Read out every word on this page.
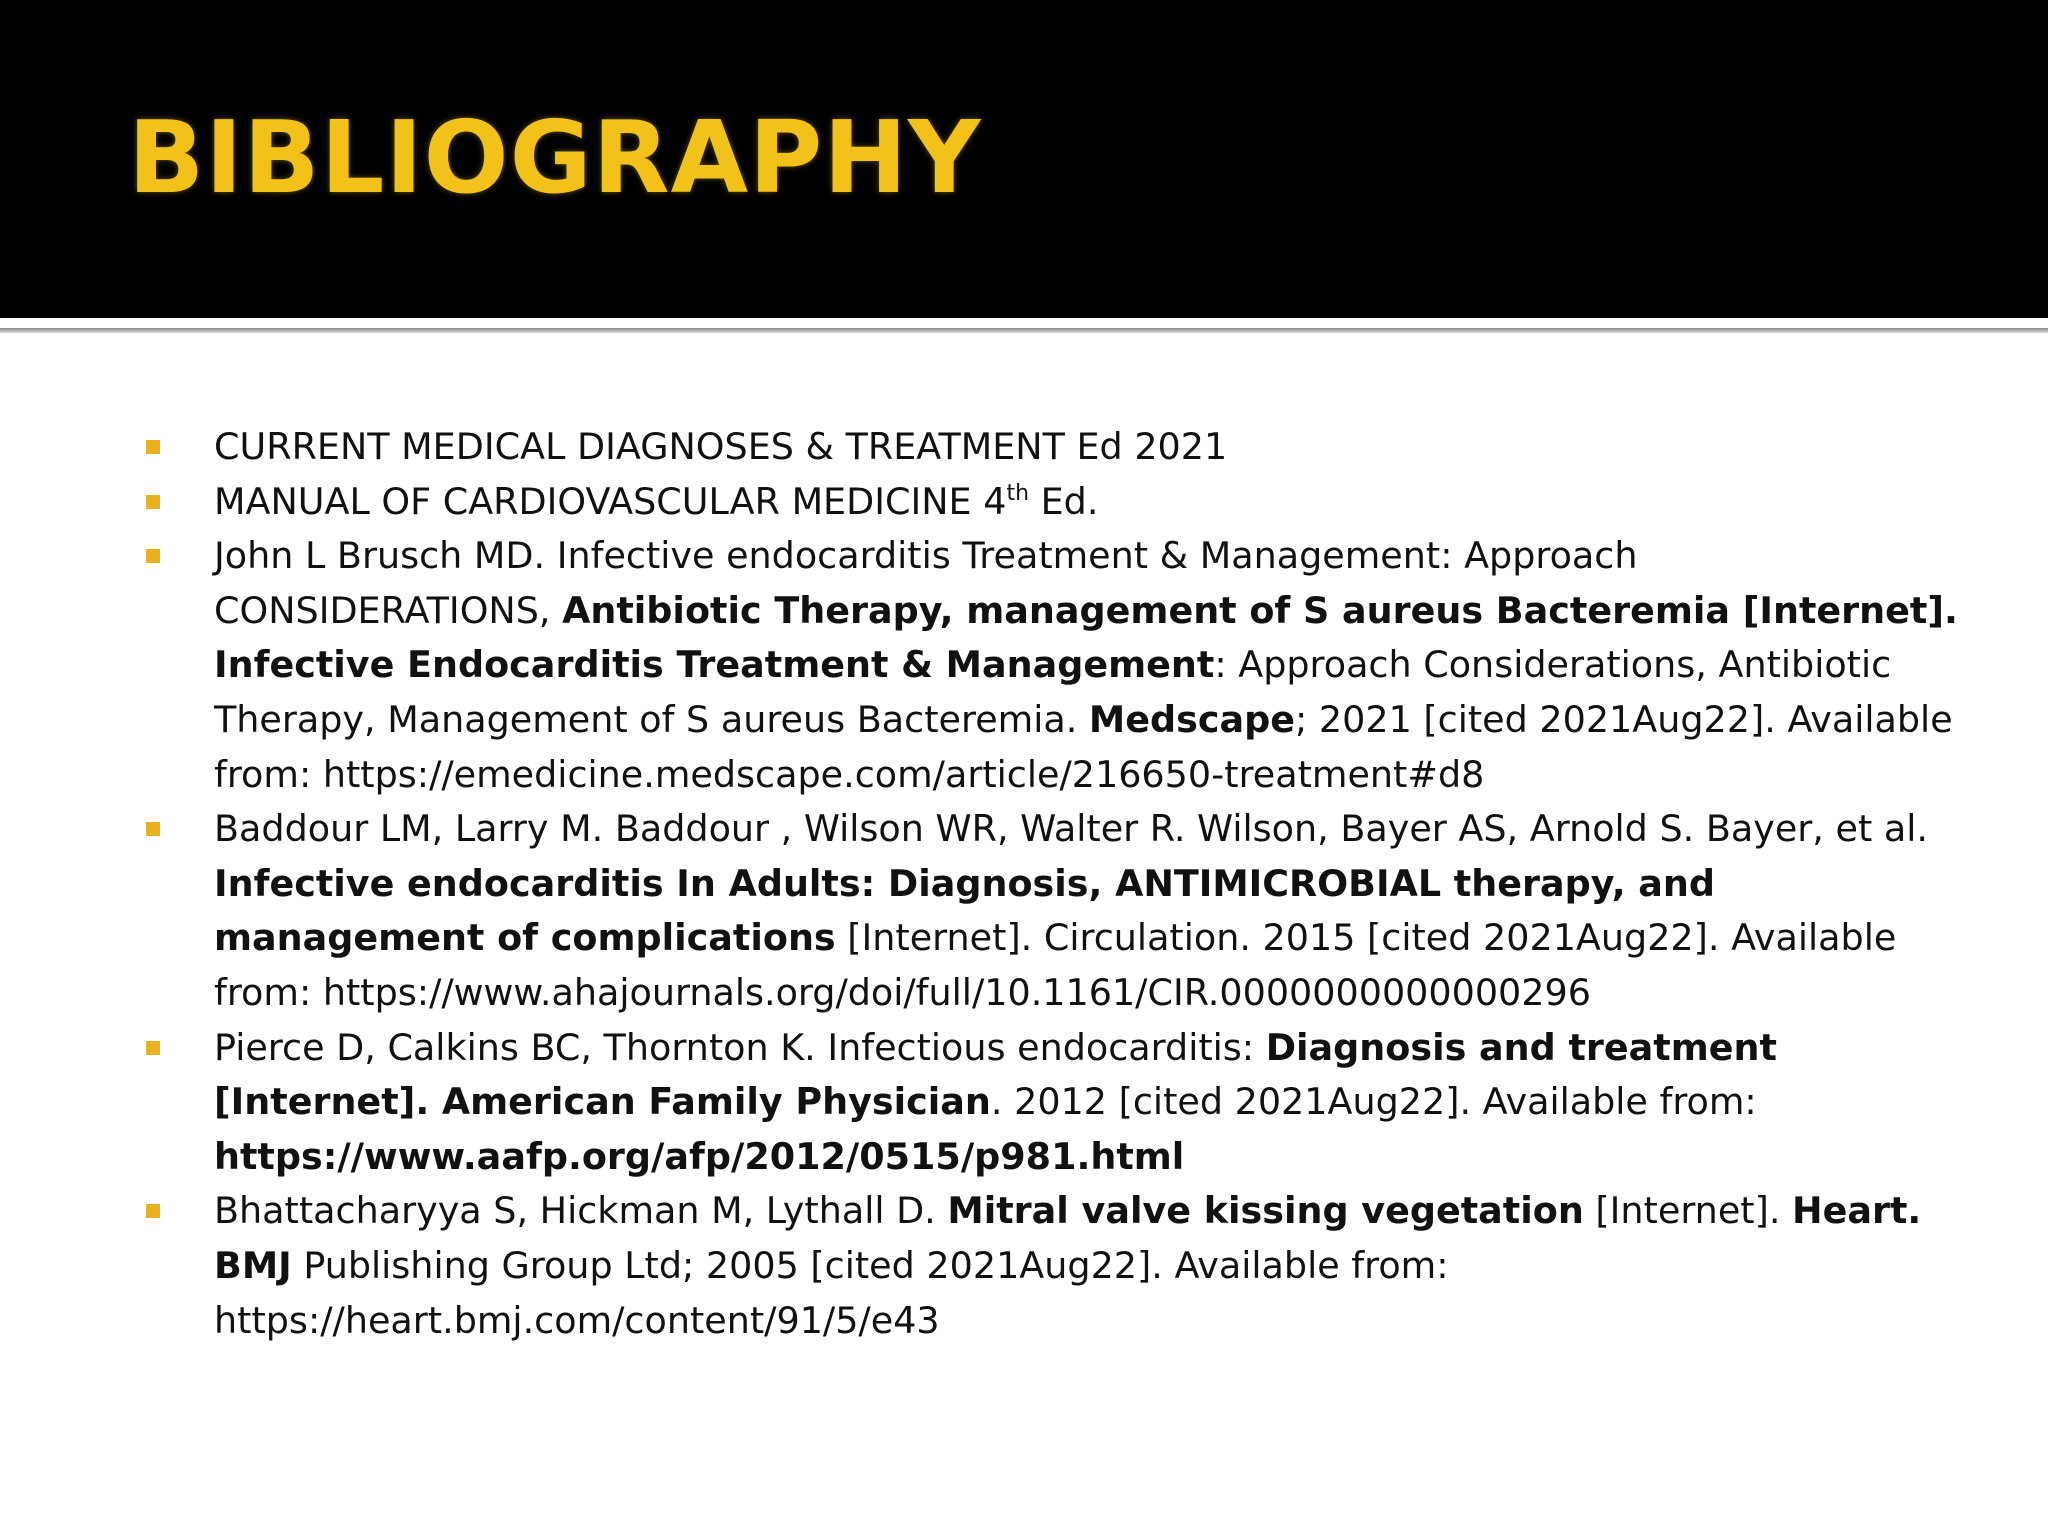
BIBLIOGRAPHY
CURRENT MEDICAL DIAGNOSES & TREATMENT Ed 2021
MANUAL OF CARDIOVASCULAR MEDICINE 4th Ed.
John L Brusch MD. Infective endocarditis Treatment & Management: Approach CONSIDERATIONS, Antibiotic Therapy, management of S aureus Bacteremia [Internet]. Infective Endocarditis Treatment & Management: Approach Considerations, Antibiotic Therapy, Management of S aureus Bacteremia. Medscape; 2021 [cited 2021Aug22]. Available from: https://emedicine.medscape.com/article/216650-treatment#d8
Baddour LM, Larry M. Baddour , Wilson WR, Walter R. Wilson, Bayer AS, Arnold S. Bayer, et al. Infective endocarditis In Adults: Diagnosis, ANTIMICROBIAL therapy, and management of complications [Internet]. Circulation. 2015 [cited 2021Aug22]. Available from: https://www.ahajournals.org/doi/full/10.1161/CIR.0000000000000296
Pierce D, Calkins BC, Thornton K. Infectious endocarditis: Diagnosis and treatment [Internet]. American Family Physician. 2012 [cited 2021Aug22]. Available from: https://www.aafp.org/afp/2012/0515/p981.html
Bhattacharyya S, Hickman M, Lythall D. Mitral valve kissing vegetation [Internet]. Heart. BMJ Publishing Group Ltd; 2005 [cited 2021Aug22]. Available from: https://heart.bmj.com/content/91/5/e43
